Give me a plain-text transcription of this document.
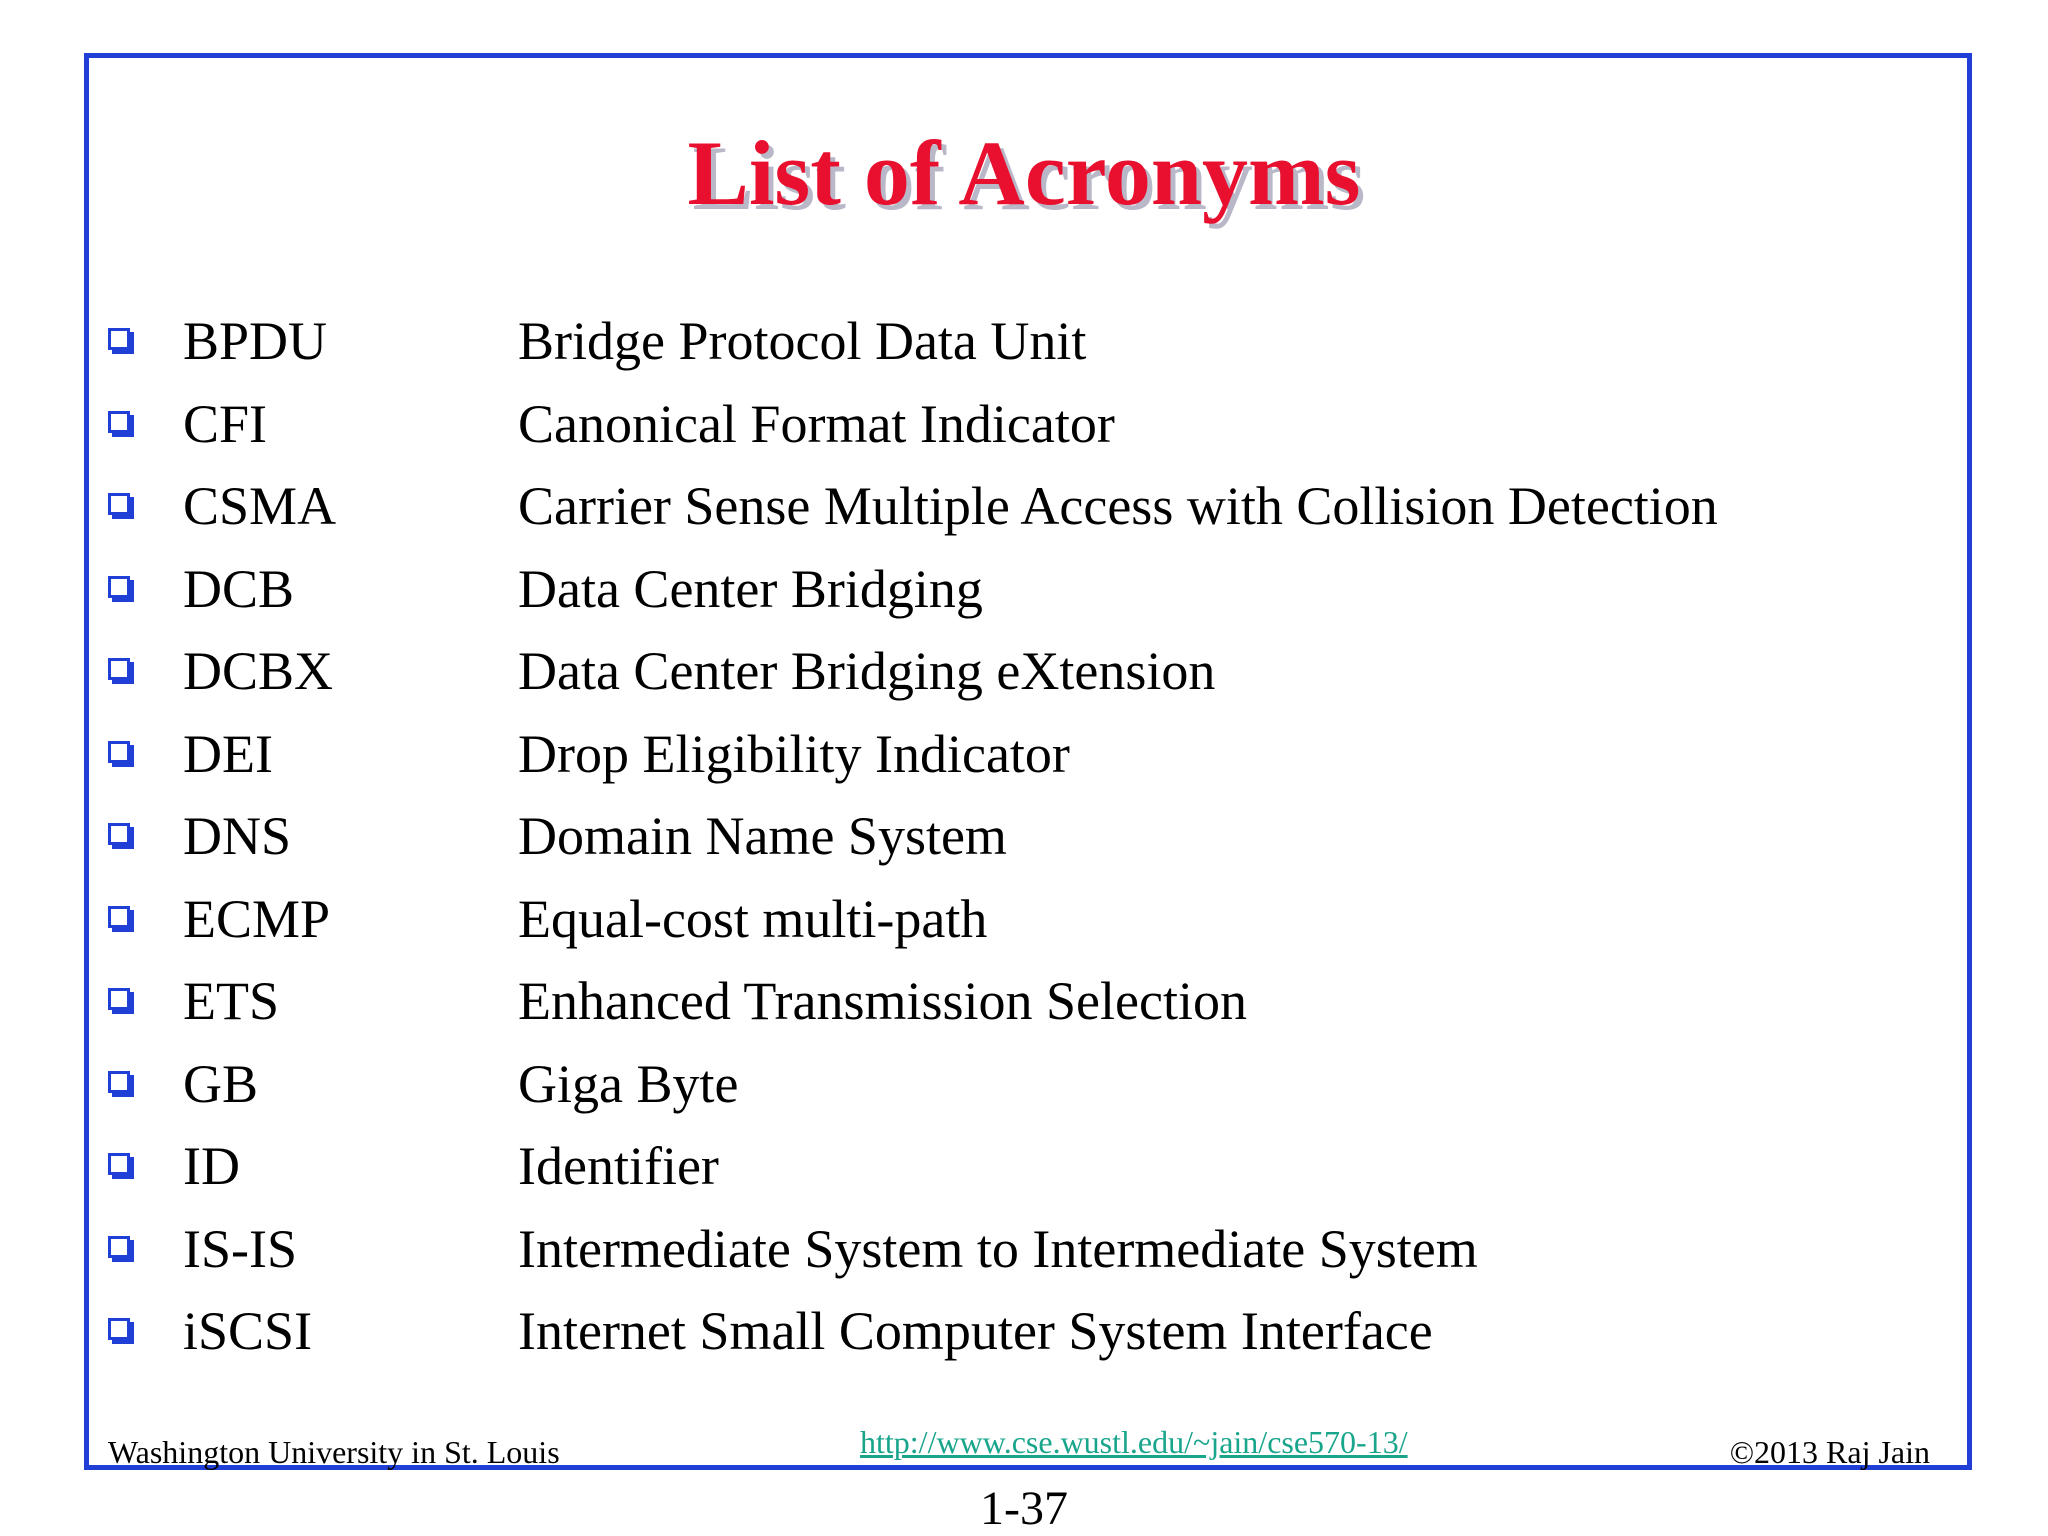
List of Acronyms
BPDU	Bridge Protocol Data Unit
CFI	Canonical Format Indicator
CSMA	Carrier Sense Multiple Access with Collision Detection
DCB	Data Center Bridging
DCBX	Data Center Bridging eXtension
DEI	Drop Eligibility Indicator
DNS	Domain Name System
ECMP	Equal-cost multi-path
ETS	Enhanced Transmission Selection
GB	Giga Byte
ID	Identifier
IS-IS	Intermediate System to Intermediate System
iSCSI	Internet Small Computer System Interface
Washington University in St. Louis	http://www.cse.wustl.edu/~jain/cse570-13/	©2013 Raj Jain
1-37
